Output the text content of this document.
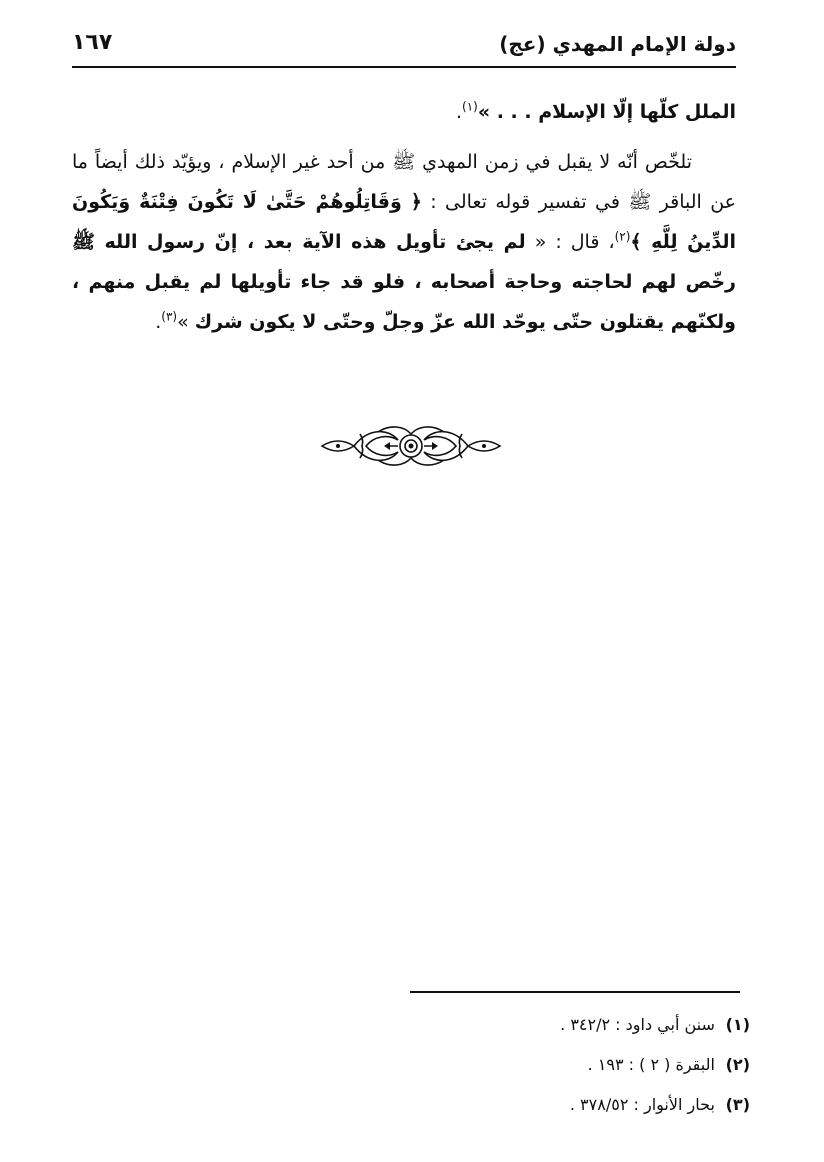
دولة الإمام المهدي (عج)
١٦٧

الملل كلّها إلّا الإسلام . . . »$^{(١)}$.

تلخّص أنّه لا يقبل في زمن المهدي ﷺ من أحد غير الإسلام ، ويؤيّد ذلك أيضاً ما عن الباقر ﷺ في تفسير قوله تعالى : ﴿ وَقَاتِلُوهُمْ حَتَّىٰ لَا تَكُونَ فِتْنَةٌ وَيَكُونَ الدِّينُ لِلَّهِ ﴾$^{(٢)}$، قال : « لم يجئ تأويل هذه الآية بعد ، إنّ رسول الله ﷺ رخّص لهم لحاجته وحاجة أصحابه ، فلو قد جاء تأويلها لم يقبل منهم ، ولكنّهم يقتلون حتّى يوحّد الله عزّ وجلّ وحتّى لا يكون شرك »$^{(٣)}$.

(١) سنن أبي داود : ٣٤٢/٢ .
(٢) البقرة ( ٢ ) : ١٩٣ .
(٣) بحار الأنوار : ٣٧٨/٥٢ .
